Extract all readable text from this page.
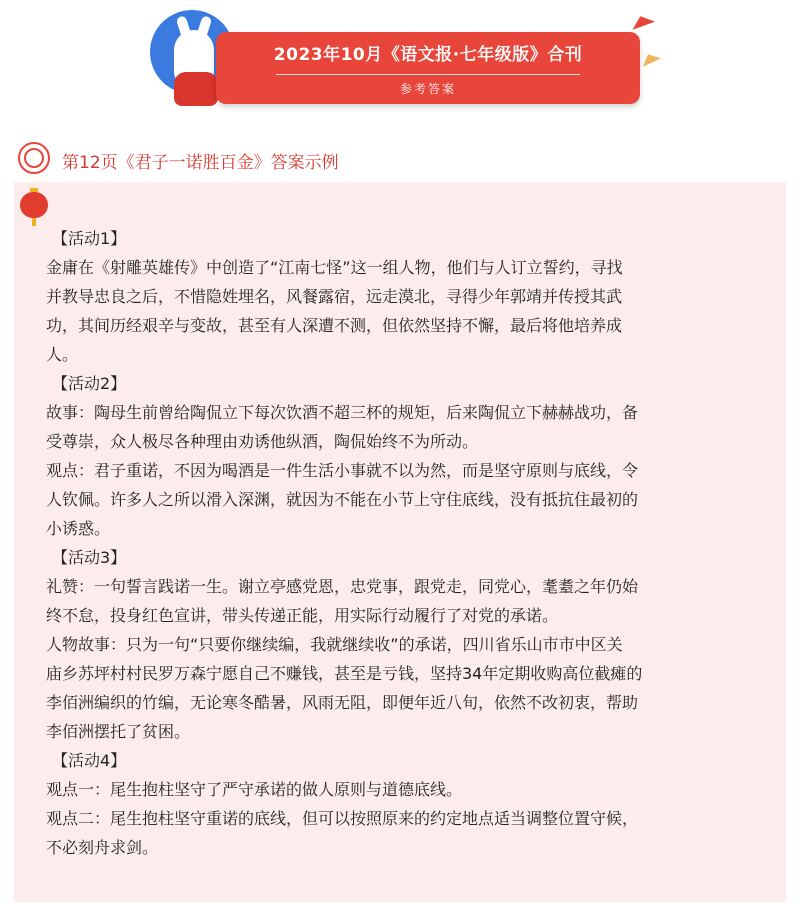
2023年10月《语文报·七年级版》合刊
参考答案
第12页《君子一诺胜百金》答案示例

【活动1】

金庸在《射雕英雄传》中创造了“江南七怪”这一组人物，他们与人订立誓约，寻找

并教导忠良之后，不惜隐姓埋名，风餐露宿，远走漠北，寻得少年郭靖并传授其武

功，其间历经艰辛与变故，甚至有人深遭不测，但依然坚持不懈，最后将他培养成

人。

【活动2】

故事：陶母生前曾给陶侃立下每次饮酒不超三杯的规矩，后来陶侃立下赫赫战功，备

受尊崇，众人极尽各种理由劝诱他纵酒，陶侃始终不为所动。

观点：君子重诺，不因为喝酒是一件生活小事就不以为然，而是坚守原则与底线，令

人钦佩。许多人之所以滑入深渊，就因为不能在小节上守住底线，没有抵抗住最初的

小诱惑。

【活动3】

礼赞：一句誓言践诺一生。谢立亭感党恩，忠党事，跟党走，同党心，耄耋之年仍始

终不怠，投身红色宣讲，带头传递正能，用实际行动履行了对党的承诺。

人物故事：只为一句“只要你继续编，我就继续收”的承诺，四川省乐山市市中区关

庙乡苏坪村村民罗万森宁愿自己不赚钱，甚至是亏钱，坚持34年定期收购高位截瘫的

李佰洲编织的竹编，无论寒冬酷暑，风雨无阻，即便年近八旬，依然不改初衷，帮助

李佰洲摆托了贫困。

【活动4】

观点一：尾生抱柱坚守了严守承诺的做人原则与道德底线。

观点二：尾生抱柱坚守重诺的底线，但可以按照原来的约定地点适当调整位置守候，

不必刻舟求剑。
